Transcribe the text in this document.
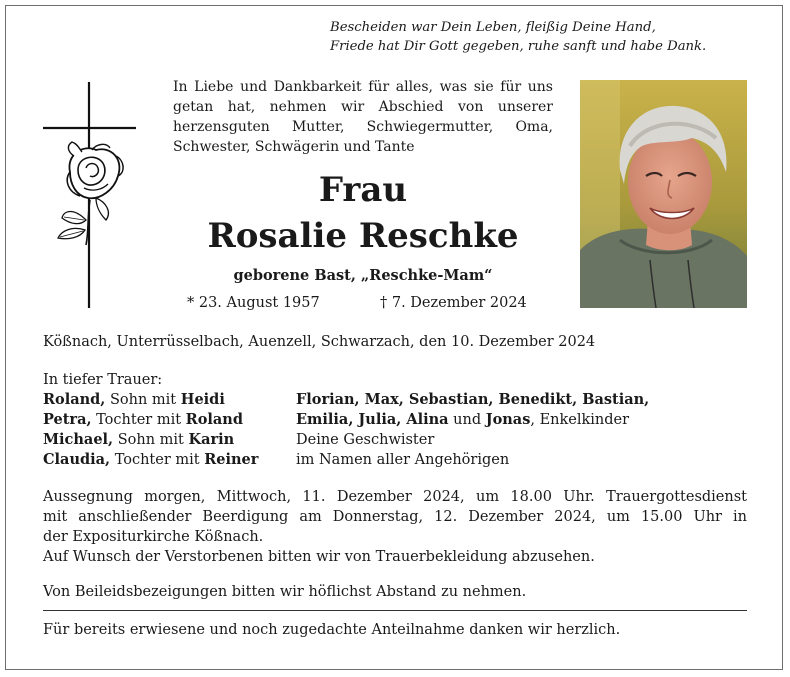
Bescheiden war Dein Leben, fleißig Deine Hand,
Friede hat Dir Gott gegeben, ruhe sanft und habe Dank.
In Liebe und Dankbarkeit für alles, was sie für uns getan hat, nehmen wir Abschied von unserer herzensguten Mutter, Schwiegermutter, Oma, Schwester, Schwägerin und Tante
Frau
Rosalie Reschke
geborene Bast, „Reschke-Mam“
* 23. August 1957	† 7. Dezember 2024
Kößnach, Unterrüsselbach, Auenzell, Schwarzach, den 10. Dezember 2024
In tiefer Trauer:
Roland, Sohn mit Heidi
Petra, Tochter mit Roland
Michael, Sohn mit Karin
Claudia, Tochter mit Reiner
Florian, Max, Sebastian, Benedikt, Bastian,
Emilia, Julia, Alina und Jonas, Enkelkinder
Deine Geschwister
im Namen aller Angehörigen
Aussegnung morgen, Mittwoch, 11. Dezember 2024, um 18.00 Uhr. Trauergottesdienst
mit anschließender Beerdigung am Donnerstag, 12. Dezember 2024, um 15.00 Uhr in
der Expositurkirche Kößnach.
Auf Wunsch der Verstorbenen bitten wir von Trauerbekleidung abzusehen.
Von Beileidsbezeigungen bitten wir höflichst Abstand zu nehmen.
Für bereits erwiesene und noch zugedachte Anteilnahme danken wir herzlich.
